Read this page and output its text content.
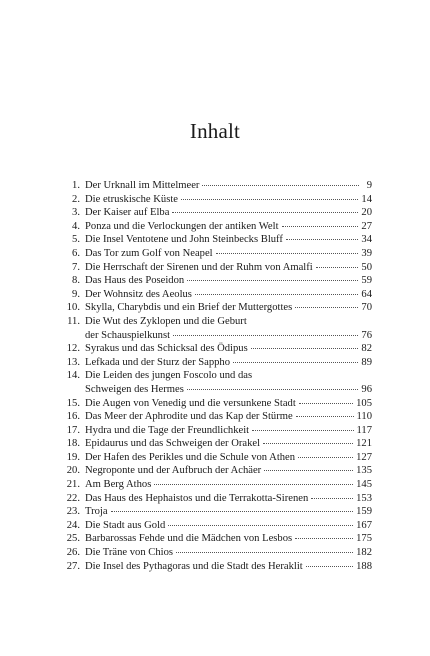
Inhalt
1. Der Urknall im Mittelmeer	9
2. Die etruskische Küste	14
3. Der Kaiser auf Elba	20
4. Ponza und die Verlockungen der antiken Welt	27
5. Die Insel Ventotene und John Steinbecks Bluff	34
6. Das Tor zum Golf von Neapel	39
7. Die Herrschaft der Sirenen und der Ruhm von Amalfi	50
8. Das Haus des Poseidon	59
9. Der Wohnsitz des Aeolus	64
10. Skylla, Charybdis und ein Brief der Muttergottes	70
11. Die Wut des Zyklopen und die Geburt
der Schauspielkunst	76
12. Syrakus und das Schicksal des Ödipus	82
13. Lefkada und der Sturz der Sappho	89
14. Die Leiden des jungen Foscolo und das
Schweigen des Hermes	96
15. Die Augen von Venedig und die versunkene Stadt	105
16. Das Meer der Aphrodite und das Kap der Stürme	110
17. Hydra und die Tage der Freundlichkeit	117
18. Epidaurus und das Schweigen der Orakel	121
19. Der Hafen des Perikles und die Schule von Athen	127
20. Negroponte und der Aufbruch der Achäer	135
21. Am Berg Athos	145
22. Das Haus des Hephaistos und die Terrakotta-Sirenen	153
23. Troja	159
24. Die Stadt aus Gold	167
25. Barbarossas Fehde und die Mädchen von Lesbos	175
26. Die Träne von Chios	182
27. Die Insel des Pythagoras und die Stadt des Heraklit	188
